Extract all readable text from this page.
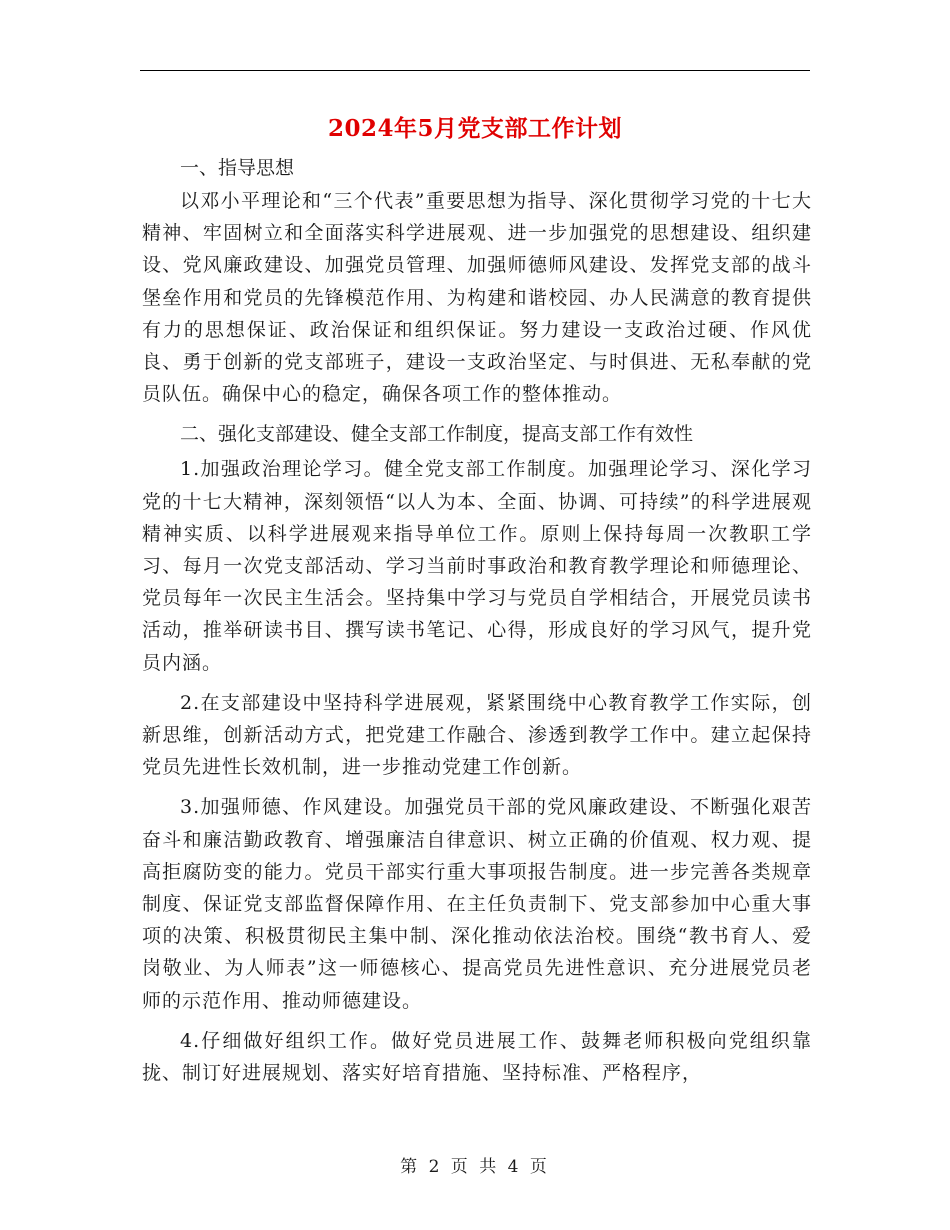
2024年5月党支部工作计划

一、指导思想

以邓小平理论和“三个代表”重要思想为指导、深化贯彻学习党的十七大精神、牢固树立和全面落实科学进展观、进一步加强党的思想建设、组织建设、党风廉政建设、加强党员管理、加强师德师风建设、发挥党支部的战斗堡垒作用和党员的先锋模范作用、为构建和谐校园、办人民满意的教育提供有力的思想保证、政治保证和组织保证。努力建设一支政治过硬、作风优良、勇于创新的党支部班子，建设一支政治坚定、与时俱进、无私奉献的党员队伍。确保中心的稳定，确保各项工作的整体推动。

二、强化支部建设、健全支部工作制度，提高支部工作有效性

1.加强政治理论学习。健全党支部工作制度。加强理论学习、深化学习党的十七大精神，深刻领悟“以人为本、全面、协调、可持续”的科学进展观精神实质、以科学进展观来指导单位工作。原则上保持每周一次教职工学习、每月一次党支部活动、学习当前时事政治和教育教学理论和师德理论、党员每年一次民主生活会。坚持集中学习与党员自学相结合，开展党员读书活动，推举研读书目、撰写读书笔记、心得，形成良好的学习风气，提升党员内涵。

2.在支部建设中坚持科学进展观，紧紧围绕中心教育教学工作实际，创新思维，创新活动方式，把党建工作融合、渗透到教学工作中。建立起保持党员先进性长效机制，进一步推动党建工作创新。

3.加强师德、作风建设。加强党员干部的党风廉政建设、不断强化艰苦奋斗和廉洁勤政教育、增强廉洁自律意识、树立正确的价值观、权力观、提高拒腐防变的能力。党员干部实行重大事项报告制度。进一步完善各类规章制度、保证党支部监督保障作用、在主任负责制下、党支部参加中心重大事项的决策、积极贯彻民主集中制、深化推动依法治校。围绕“教书育人、爱岗敬业、为人师表”这一师德核心、提高党员先进性意识、充分进展党员老师的示范作用、推动师德建设。

4.仔细做好组织工作。做好党员进展工作、鼓舞老师积极向党组织靠拢、制订好进展规划、落实好培育措施、坚持标准、严格程序，

第 2 页 共 4 页
